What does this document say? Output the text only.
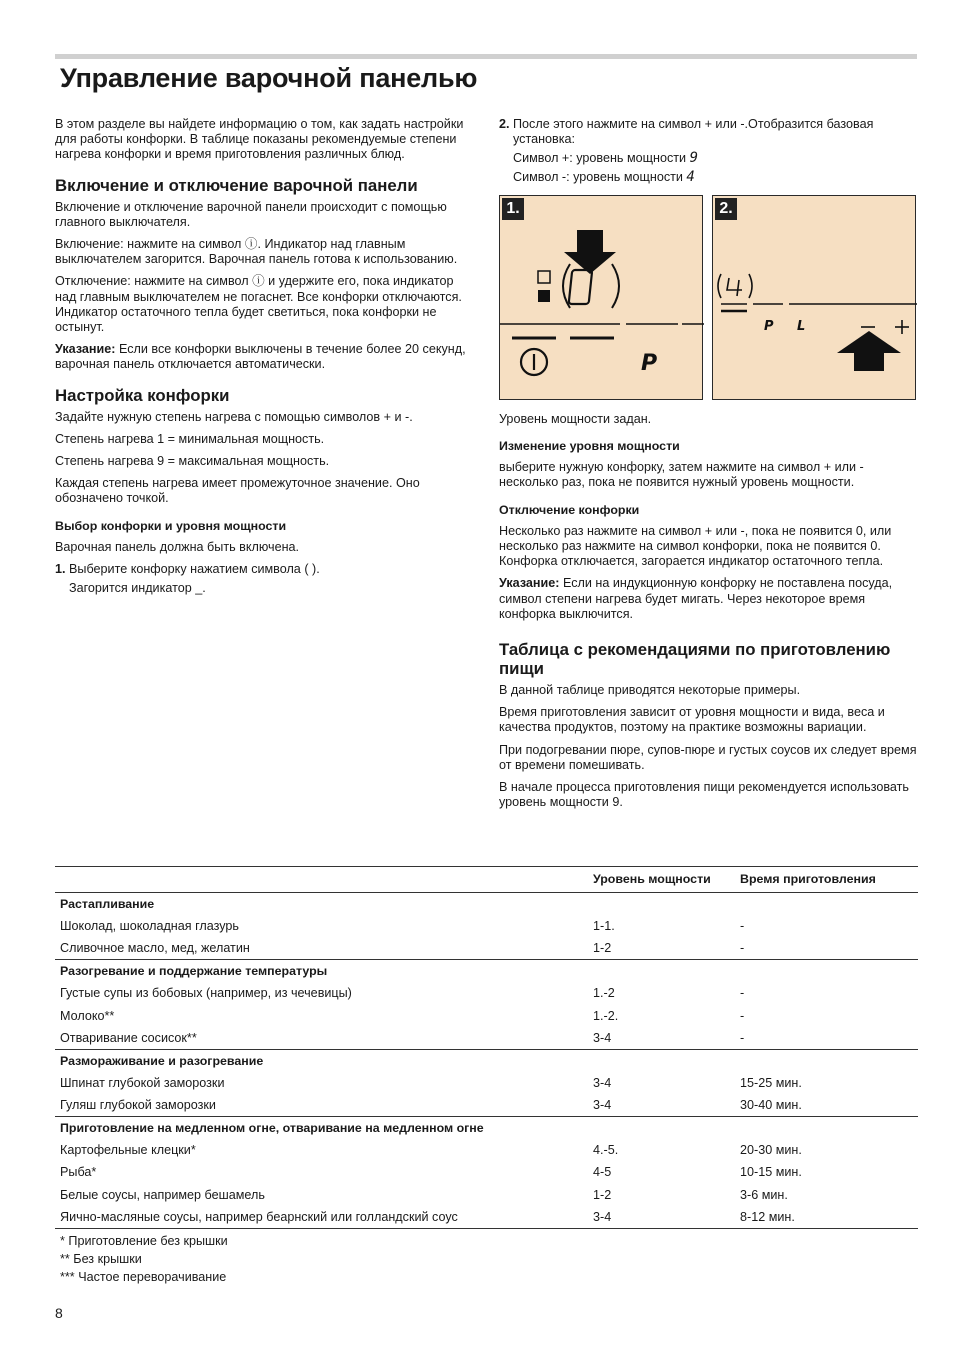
Управление варочной панелью

В этом разделе вы найдете информацию о том, как задать настройки для работы конфорки. В таблице показаны рекомендуемые степени нагрева конфорки и время приготовления различных блюд.

Включение и отключение варочной панели

Включение и отключение варочной панели происходит с помощью главного выключателя.

Включение: нажмите на символ ⓘ. Индикатор над главным выключателем загорится. Варочная панель готова к использованию.

Отключение: нажмите на символ ⓘ и удержите его, пока индикатор над главным выключателем не погаснет. Все конфорки отключаются. Индикатор остаточного тепла будет светиться, пока конфорки не остынут.

Указание: Если все конфорки выключены в течение более 20 секунд, варочная панель отключается автоматически.

Настройка конфорки

Задайте нужную степень нагрева с помощью символов + и -.

Степень нагрева 1 = минимальная мощность.

Степень нагрева 9 = максимальная мощность.

Каждая степень нагрева имеет промежуточное значение. Оно обозначено точкой.

Выбор конфорки и уровня мощности

Варочная панель должна быть включена.

1. Выберите конфорку нажатием символа ( ).

Загорится индикатор _.

2. После этого нажмите на символ + или -.Отобразится базовая установка:

Символ +: уровень мощности 9

Символ -: уровень мощности 4

P
1.
P L
2.

Уровень мощности задан.

Изменение уровня мощности

выберите нужную конфорку, затем нажмите на символ + или - несколько раз, пока не появится нужный уровень мощности.

Отключение конфорки

Несколько раз нажмите на символ + или -, пока не появится 0, или несколько раз нажмите на символ конфорки, пока не появится 0. Конфорка отключается, загорается индикатор остаточного тепла.

Указание: Если на индукционную конфорку не поставлена посуда, символ степени нагрева будет мигать. Через некоторое время конфорка выключится.

Таблица с рекомендациями по приготовлению пищи

В данной таблице приводятся некоторые примеры.

Время приготовления зависит от уровня мощности и вида, веса и качества продуктов, поэтому на практике возможны вариации.

При подогревании пюре, супов-пюре и густых соусов их следует время от времени помешивать.

В начале процесса приготовления пищи рекомендуется использовать уровень мощности 9.

	Уровень мощности	Время приготовления
Растапливание		
Шоколад, шоколадная глазурь	1-1.	-
Сливочное масло, мед, желатин	1-2	-
Разогревание и поддержание температуры		
Густые супы из бобовых (например, из чечевицы)	1.-2	-
Молоко**	1.-2.	-
Отваривание сосисок**	3-4	-
Размораживание и разогревание		
Шпинат глубокой заморозки	3-4	15-25 мин.
Гуляш глубокой заморозки	3-4	30-40 мин.
Приготовление на медленном огне, отваривание на медленном огне		
Картофельные клецки*	4.-5.	20-30 мин.
Рыба*	4-5	10-15 мин.
Белые соусы, например бешамель	1-2	3-6 мин.
Яично-масляные соусы, например беарнский или голландский соус	3-4	8-12 мин.
* Приготовление без крышки
** Без крышки
*** Частое переворачивание
8
